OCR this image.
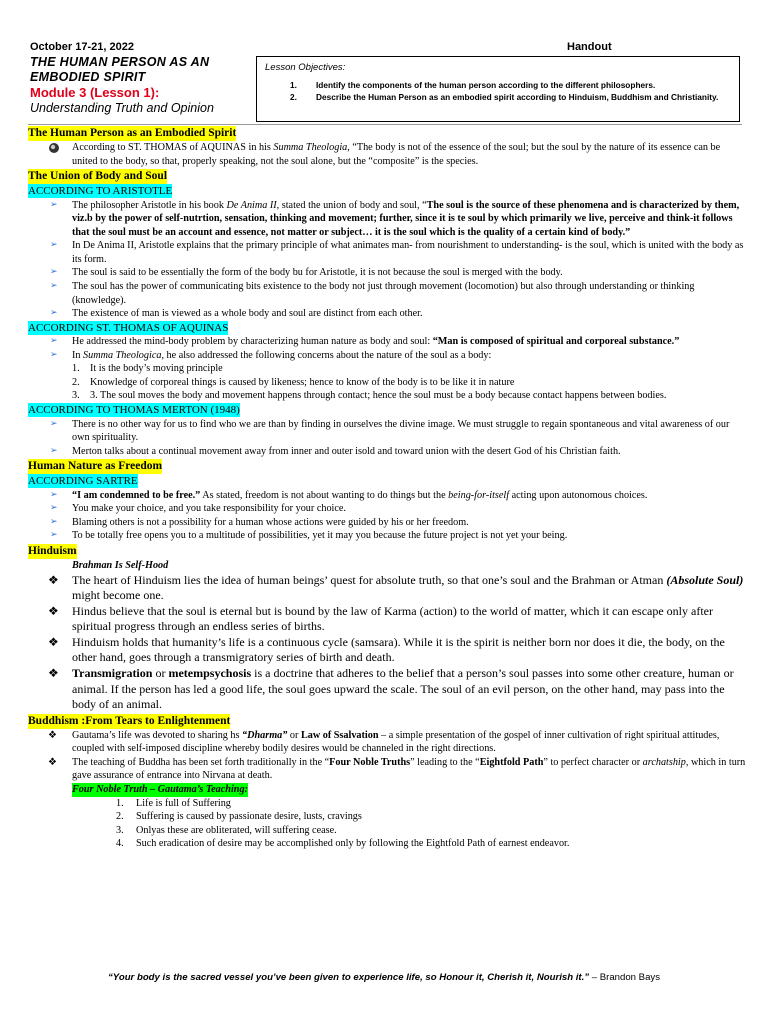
October 17-21, 2022
THE HUMAN PERSON AS AN
EMBODIED SPIRIT
Module 3 (Lesson 1):
Understanding Truth and Opinion
Handout
Lesson Objectives:
1.	Identify the components of the human person according to the different philosophers.
2.	Describe the Human Person as an embodied spirit according to Hinduism, Buddhism and Christianity.
The Human Person as an Embodied Spirit
According to ST. THOMAS of AQUINAS in his Summa Theologia, “The body is not of the essence of the soul; but the soul by the nature of its essence can be united to the body, so that, properly speaking, not the soul alone, but the “composite” is the species.
The Union of Body and Soul
ACCORDING TO ARISTOTLE
➢	The philosopher Aristotle in his book De Anima II, stated the union of body and soul, “The soul is the source of these phenomena and is characterized by them, viz.b by the power of self-nutrtion, sensation, thinking and movement; further, since it is te soul by which primarily we live, perceive and think-it follows that the soul must be an account and essence, not matter or subject… it is the soul which is the quality of a certain kind of body.”
➢	In De Anima II, Aristotle explains that the primary principle of what animates man- from nourishment to understanding- is the soul, which is united with the body as its form.
➢	The soul is said to be essentially the form of the body bu for Aristotle, it is not because the soul is merged with the body.
➢	The soul has the power of communicating bits existence to the body not just through movement (locomotion) but also through understanding or thinking (knowledge).
➢	The existence of man is viewed as a whole body and soul are distinct from each other.
ACCORDING ST. THOMAS OF AQUINAS
➢	He addressed the mind-body problem by characterizing human nature as body and soul: “Man is composed of spiritual and corporeal substance.”
➢	In Summa Theologica, he also addressed the following concerns about the nature of the soul as a body:
1.	It is the body’s moving principle
2.	Knowledge of corporeal things is caused by likeness; hence to know of the body is to be like it in nature
3.	3. The soul moves the body and movement happens through contact; hence the soul must be a body because contact happens between bodies.
ACCORDING TO THOMAS MERTON (1948)
➢	There is no other way for us to find who we are than by finding in ourselves the divine image. We must struggle to regain spontaneous and vital awareness of our own spirituality.
➢	Merton talks about a continual movement away from inner and outer isold and toward union with the desert God of his Christian faith.
Human Nature as Freedom
ACCORDING SARTRE
➢	“I am condemned to be free.” As stated, freedom is not about wanting to do things but the being-for-itself acting upon autonomous choices.
➢	You make your choice, and you take responsibility for your choice.
➢	Blaming others is not a possibility for a human whose actions were guided by his or her freedom.
➢	To be totally free opens you to a multitude of possibilities, yet it may you because the future project is not yet your being.
Hinduism
Brahman Is Self-Hood
❖	The heart of Hinduism lies the idea of human beings’ quest for absolute truth, so that one’s soul and the Brahman or Atman (Absolute Soul) might become one.
❖	Hindus believe that the soul is eternal but is bound by the law of Karma (action) to the world of matter, which it can escape only after spiritual progress through an endless series of births.
❖	Hinduism holds that humanity’s life is a continuous cycle (samsara). While it is the spirit is neither born nor does it die, the body, on the other hand, goes through a transmigratory series of birth and death.
❖	Transmigration or metempsychosis is a doctrine that adheres to the belief that a person’s soul passes into some other creature, human or animal. If the person has led a good life, the soul goes upward the scale. The soul of an evil person, on the other hand, may pass into the body of an animal.
Buddhism :From Tears to Enlightenment
❖	Gautama’s life was devoted to sharing hs “Dharma” or Law of Ssalvation – a simple presentation of the gospel of inner cultivation of right spiritual attitudes, coupled with self-imposed discipline whereby bodily desires would be channeled in the right directions.
❖	The teaching of Buddha has been set forth traditionally in the “Four Noble Truths” leading to the “Eightfold Path” to perfect character or archatship, which in turn gave assurance of entrance into Nirvana at death.
Four Noble Truth – Gautama’s Teaching:
1.	Life is full of Suffering
2.	Suffering is caused by passionate desire, lusts, cravings
3.	Onlyas these are obliterated, will suffering cease.
4.	Such eradication of desire may be accomplished only by following the Eightfold Path of earnest endeavor.
“Your body is the sacred vessel you’ve been given to experience life, so Honour it, Cherish it, Nourish it.” – Brandon Bays
